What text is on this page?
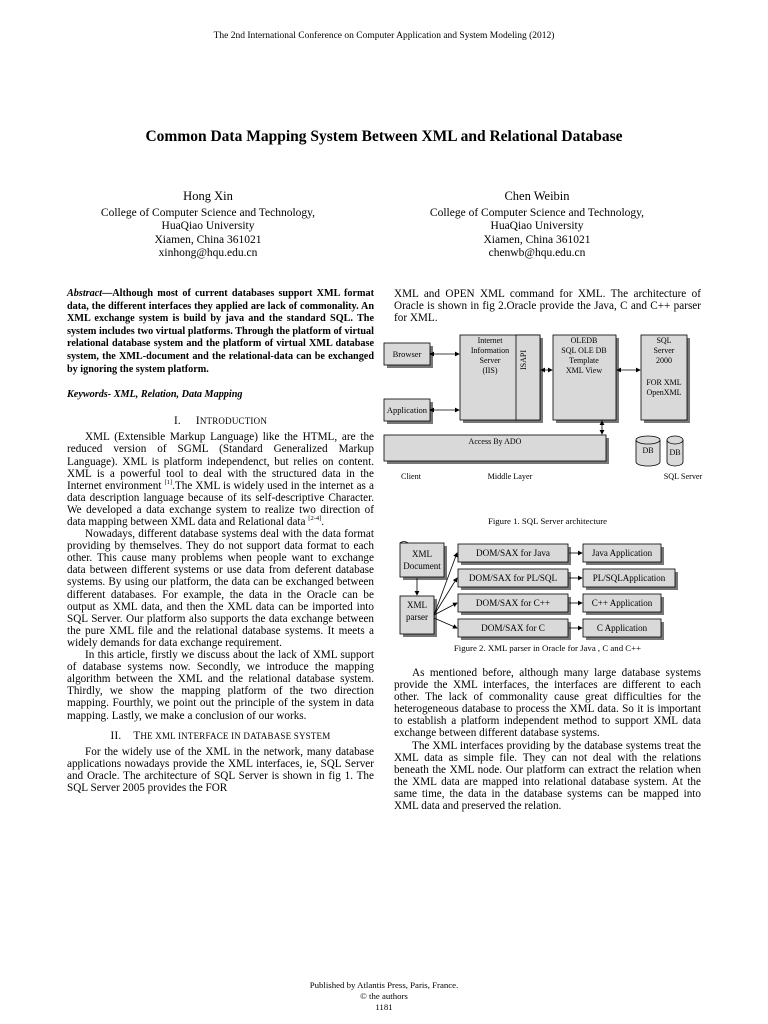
The 2nd International Conference on Computer Application and System Modeling (2012)
Common Data Mapping System Between XML and Relational Database
Hong Xin
College of Computer Science and Technology,
HuaQiao University
Xiamen, China 361021
xinhong@hqu.edu.cn
Chen Weibin
College of Computer Science and Technology,
HuaQiao University
Xiamen, China 361021
chenwb@hqu.edu.cn
Abstract—Although most of current databases support XML format data, the different interfaces they applied are lack of commonality. An XML exchange system is build by java and the standard SQL. The system includes two virtual platforms. Through the platform of virtual relational database system and the platform of virtual XML database system, the XML-document and the relational-data can be exchanged by ignoring the system platform.
Keywords- XML, Relation, Data Mapping
I. INTRODUCTION

XML (Extensible Markup Language) like the HTML, are the reduced version of SGML (Standard Generalized Markup Language). XML is platform independenct, but relies on content. XML is a powerful tool to deal with the structured data in the Internet environment [1].The XML is widely used in the internet as a data description language because of its self-descriptive Character. We developed a data exchange system to realize two direction of data mapping between XML data and Relational data [2-4].

Nowadays, different database systems deal with the data format providing by themselves. They do not support data format to each other. This cause many problems when people want to exchange data between different systems or use data from deferent database systems. By using our platform, the data can be exchanged between different databases. For example, the data in the Oracle can be output as XML data, and then the XML data can be imported into SQL Server. Our platform also supports the data exchange between the pure XML file and the relational database systems. It meets a widely demands for data exchange requirement.

In this article, firstly we discuss about the lack of XML support of database systems now. Secondly, we introduce the mapping algorithm between the XML and the relational database system. Thirdly, we show the mapping platform of the two direction mapping. Fourthly, we point out the principle of the system in data mapping. Lastly, we make a conclusion of our works.

II. THE XML INTERFACE IN DATABASE SYSTEM

For the widely use of the XML in the network, many database applications nowadays provide the XML interfaces, ie, SQL Server and Oracle. The architecture of SQL Server is shown in fig 1. The SQL Server 2005 provides the FOR

XML and OPEN XML command for XML. The architecture of Oracle is shown in fig 2.Oracle provide the Java, C and C++ parser for XML.

Browser
Application
Internet
Information
Server
(IIS)
ISAPI
OLEDB
SQL OLE DB
Template
XML View
SQL
Server
2000
FOR XML
OpenXML
Access By ADO
DB DB
Client	Middle Layer	SQL Server
Figure 1. SQL Server architecture
XML
Document
XML
parser
DOM/SAX for Java
DOM/SAX for PL/SQL
DOM/SAX for C++
DOM/SAX for C
Java Application
PL/SQLApplication
C++ Application
C Application
Figure 2. XML parser in Oracle for Java , C and C++

As mentioned before, although many large database systems provide the XML interfaces, the interfaces are different to each other. The lack of commonality cause great difficulties for the heterogeneous database to process the XML data. So it is important to establish a platform independent method to support XML data exchange between different database systems.

The XML interfaces providing by the database systems treat the XML data as simple file. They can not deal with the relations beneath the XML node. Our platform can extract the relation when the XML data are mapped into relational database system. At the same time, the data in the database systems can be mapped into XML data and preserved the relation.

Published by Atlantis Press, Paris, France.
© the authors
1181
